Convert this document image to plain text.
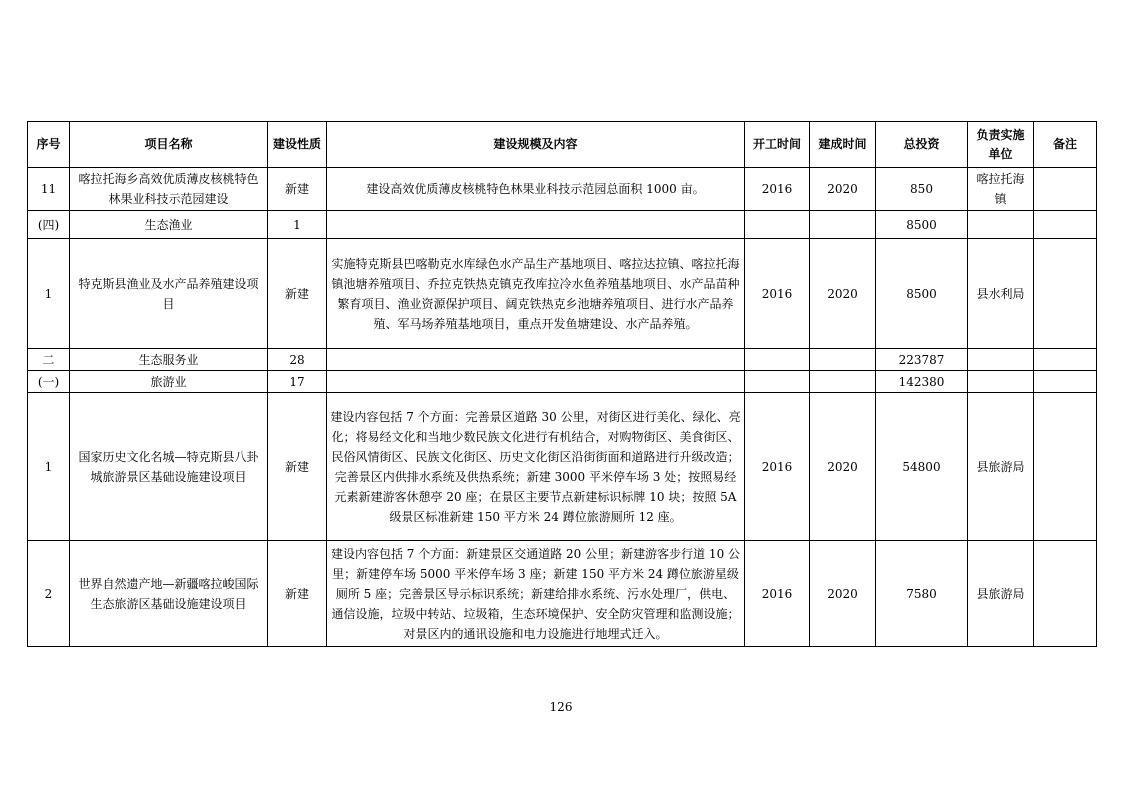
序号	项目名称	建设性质	建设规模及内容	开工时间	建成时间	总投资	负责实施单位	备注
11	喀拉托海乡高效优质薄皮核桃特色林果业科技示范园建设	新建	建设高效优质薄皮核桃特色林果业科技示范园总面积 1000 亩。	2016	2020	850	喀拉托海镇	
(四)	生态渔业	1				8500		
1	特克斯县渔业及水产品养殖建设项目	新建	实施特克斯县巴喀勒克水库绿色水产品生产基地项目、喀拉达拉镇、喀拉托海镇池塘养殖项目、乔拉克铁热克镇克孜库拉冷水鱼养殖基地项目、水产品苗种繁育项目、渔业资源保护项目、阔克铁热克乡池塘养殖项目、进行水产品养殖、军马场养殖基地项目，重点开发鱼塘建设、水产品养殖。	2016	2020	8500	县水利局	
二	生态服务业	28				223787		
(一)	旅游业	17				142380		
1	国家历史文化名城—特克斯县八卦城旅游景区基础设施建设项目	新建	建设内容包括 7 个方面：完善景区道路 30 公里，对街区进行美化、绿化、亮化；将易经文化和当地少数民族文化进行有机结合，对购物街区、美食街区、民俗风情街区、民族文化街区、历史文化街区沿街街面和道路进行升级改造；完善景区内供排水系统及供热系统；新建 3000 平米停车场 3 处；按照易经元素新建游客休憩亭 20 座；在景区主要节点新建标识标牌 10 块；按照 5A 级景区标准新建 150 平方米 24 蹲位旅游厕所 12 座。	2016	2020	54800	县旅游局	
2	世界自然遗产地—新疆喀拉峻国际生态旅游区基础设施建设项目	新建	建设内容包括 7 个方面：新建景区交通道路 20 公里；新建游客步行道 10 公里；新建停车场 5000 平米停车场 3 座；新建 150 平方米 24 蹲位旅游星级厕所 5 座；完善景区导示标识系统；新建给排水系统、污水处理厂，供电、通信设施，垃圾中转站、垃圾箱，生态环境保护、安全防灾管理和监测设施；对景区内的通讯设施和电力设施进行地埋式迁入。	2016	2020	7580	县旅游局	
126
